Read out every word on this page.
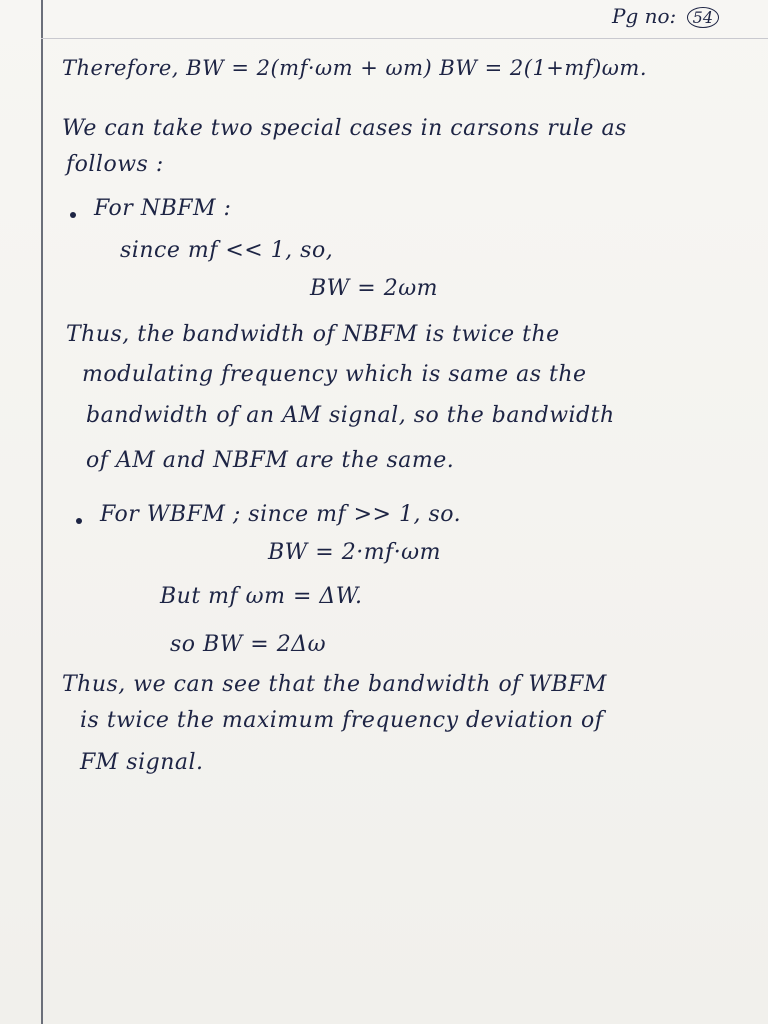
Pg no: 54
Therefore, BW = 2(mf·ωm + ωm) BW = 2(1+mf)ωm.
We can take two special cases in carsons rule as
follows :
For NBFM :
since mf << 1, so,
BW = 2ωm
Thus, the bandwidth of NBFM is twice the
modulating frequency which is same as the
bandwidth of an AM signal, so the bandwidth
of AM and NBFM are the same.
For WBFM ; since mf >> 1, so.
BW = 2·mf·ωm
But mf ωm = ΔW.
so BW = 2Δω
Thus, we can see that the bandwidth of WBFM
is twice the maximum frequency deviation of
FM signal.
